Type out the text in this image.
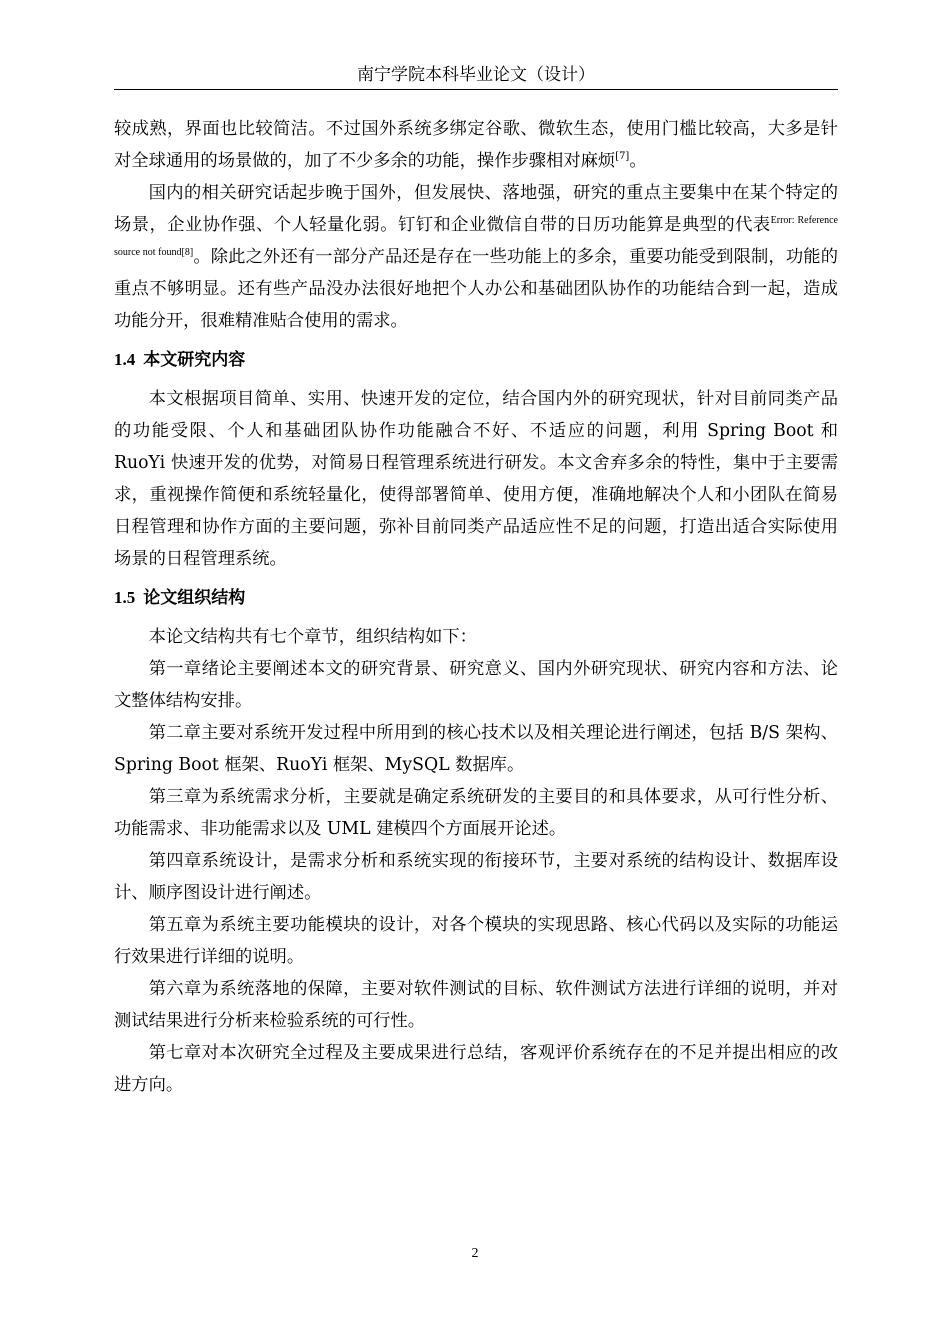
南宁学院本科毕业论文（设计）

较成熟，界面也比较简洁。不过国外系统多绑定谷歌、微软生态，使用门槛比较高，大多是针对全球通用的场景做的，加了不少多余的功能，操作步骤相对麻烦[7]。

国内的相关研究话起步晚于国外，但发展快、落地强，研究的重点主要集中在某个特定的场景，企业协作强、个人轻量化弱。钉钉和企业微信自带的日历功能算是典型的代表$^{Error: Reference source not found[8]}$。除此之外还有一部分产品还是存在一些功能上的多余，重要功能受到限制，功能的重点不够明显。还有些产品没办法很好地把个人办公和基础团队协作的功能结合到一起，造成功能分开，很难精准贴合使用的需求。

1.4 本文研究内容

本文根据项目简单、实用、快速开发的定位，结合国内外的研究现状，针对目前同类产品的功能受限、个人和基础团队协作功能融合不好、不适应的问题，利用 Spring Boot 和 RuoYi 快速开发的优势，对简易日程管理系统进行研发。本文舍弃多余的特性，集中于主要需求，重视操作简便和系统轻量化，使得部署简单、使用方便，准确地解决个人和小团队在简易日程管理和协作方面的主要问题，弥补目前同类产品适应性不足的问题，打造出适合实际使用场景的日程管理系统。

1.5 论文组织结构

本论文结构共有七个章节，组织结构如下：

第一章绪论主要阐述本文的研究背景、研究意义、国内外研究现状、研究内容和方法、论文整体结构安排。

第二章主要对系统开发过程中所用到的核心技术以及相关理论进行阐述，包括 B/S 架构、Spring Boot 框架、RuoYi 框架、MySQL 数据库。

第三章为系统需求分析，主要就是确定系统研发的主要目的和具体要求，从可行性分析、功能需求、非功能需求以及 UML 建模四个方面展开论述。

第四章系统设计，是需求分析和系统实现的衔接环节，主要对系统的结构设计、数据库设计、顺序图设计进行阐述。

第五章为系统主要功能模块的设计，对各个模块的实现思路、核心代码以及实际的功能运行效果进行详细的说明。

第六章为系统落地的保障，主要对软件测试的目标、软件测试方法进行详细的说明，并对测试结果进行分析来检验系统的可行性。

第七章对本次研究全过程及主要成果进行总结，客观评价系统存在的不足并提出相应的改进方向。

2
